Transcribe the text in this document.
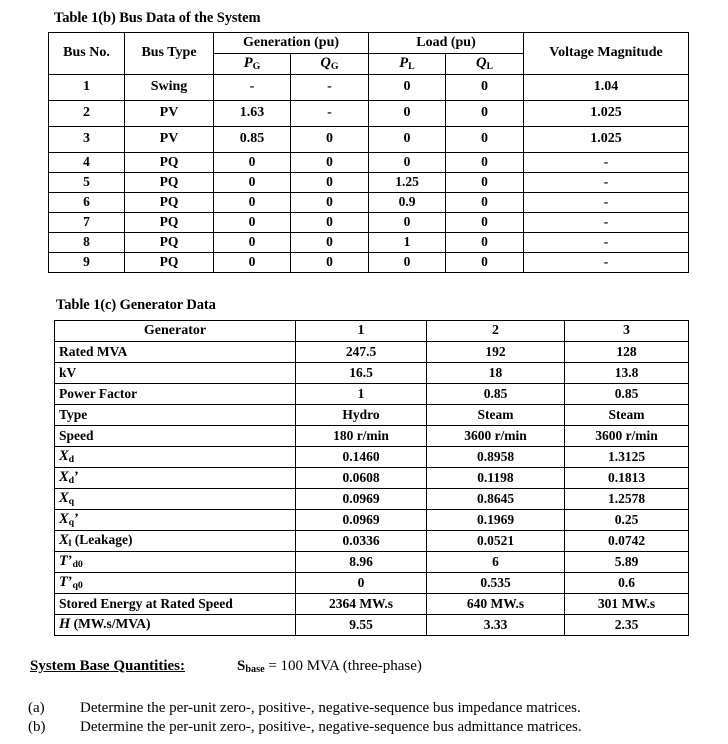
Table 1(b) Bus Data of the System
Bus No.	Bus Type	Generation (pu)		Load (pu)		Voltage Magnitude
		$P_G$	$Q_G$	$P_L$	$Q_L$
1	Swing	-	-	0	0	1.04
2	PV	1.63	-	0	0	1.025
3	PV	0.85	0	0	0	1.025
4	PQ	0	0	0	0	-
5	PQ	0	0	1.25	0	-
6	PQ	0	0	0.9	0	-
7	PQ	0	0	0	0	-
8	PQ	0	0	1	0	-
9	PQ	0	0	0	0	-
Table 1(c) Generator Data
Generator	1	2	3
Rated MVA	247.5	192	128
kV	16.5	18	13.8
Power Factor	1	0.85	0.85
Type	Hydro	Steam	Steam
Speed	180 r/min	3600 r/min	3600 r/min
$X_d$	0.1460	0.8958	1.3125
$X_d$’	0.0608	0.1198	0.1813
$X_q$	0.0969	0.8645	1.2578
$X_q$’	0.0969	0.1969	0.25
$X_l$ (Leakage)	0.0336	0.0521	0.0742
$T’_{d0}$	8.96	6	5.89
$T’_{q0}$	0	0.535	0.6
Stored Energy at Rated Speed	2364 MW.s	640 MW.s	301 MW.s
H (MW.s/MVA)	9.55	3.33	2.35
System Base Quantities:	$S_{base} = 100$ MVA (three-phase)
(a) Determine the per-unit zero-, positive-, negative-sequence bus impedance matrices.
(b) Determine the per-unit zero-, positive-, negative-sequence bus admittance matrices.
